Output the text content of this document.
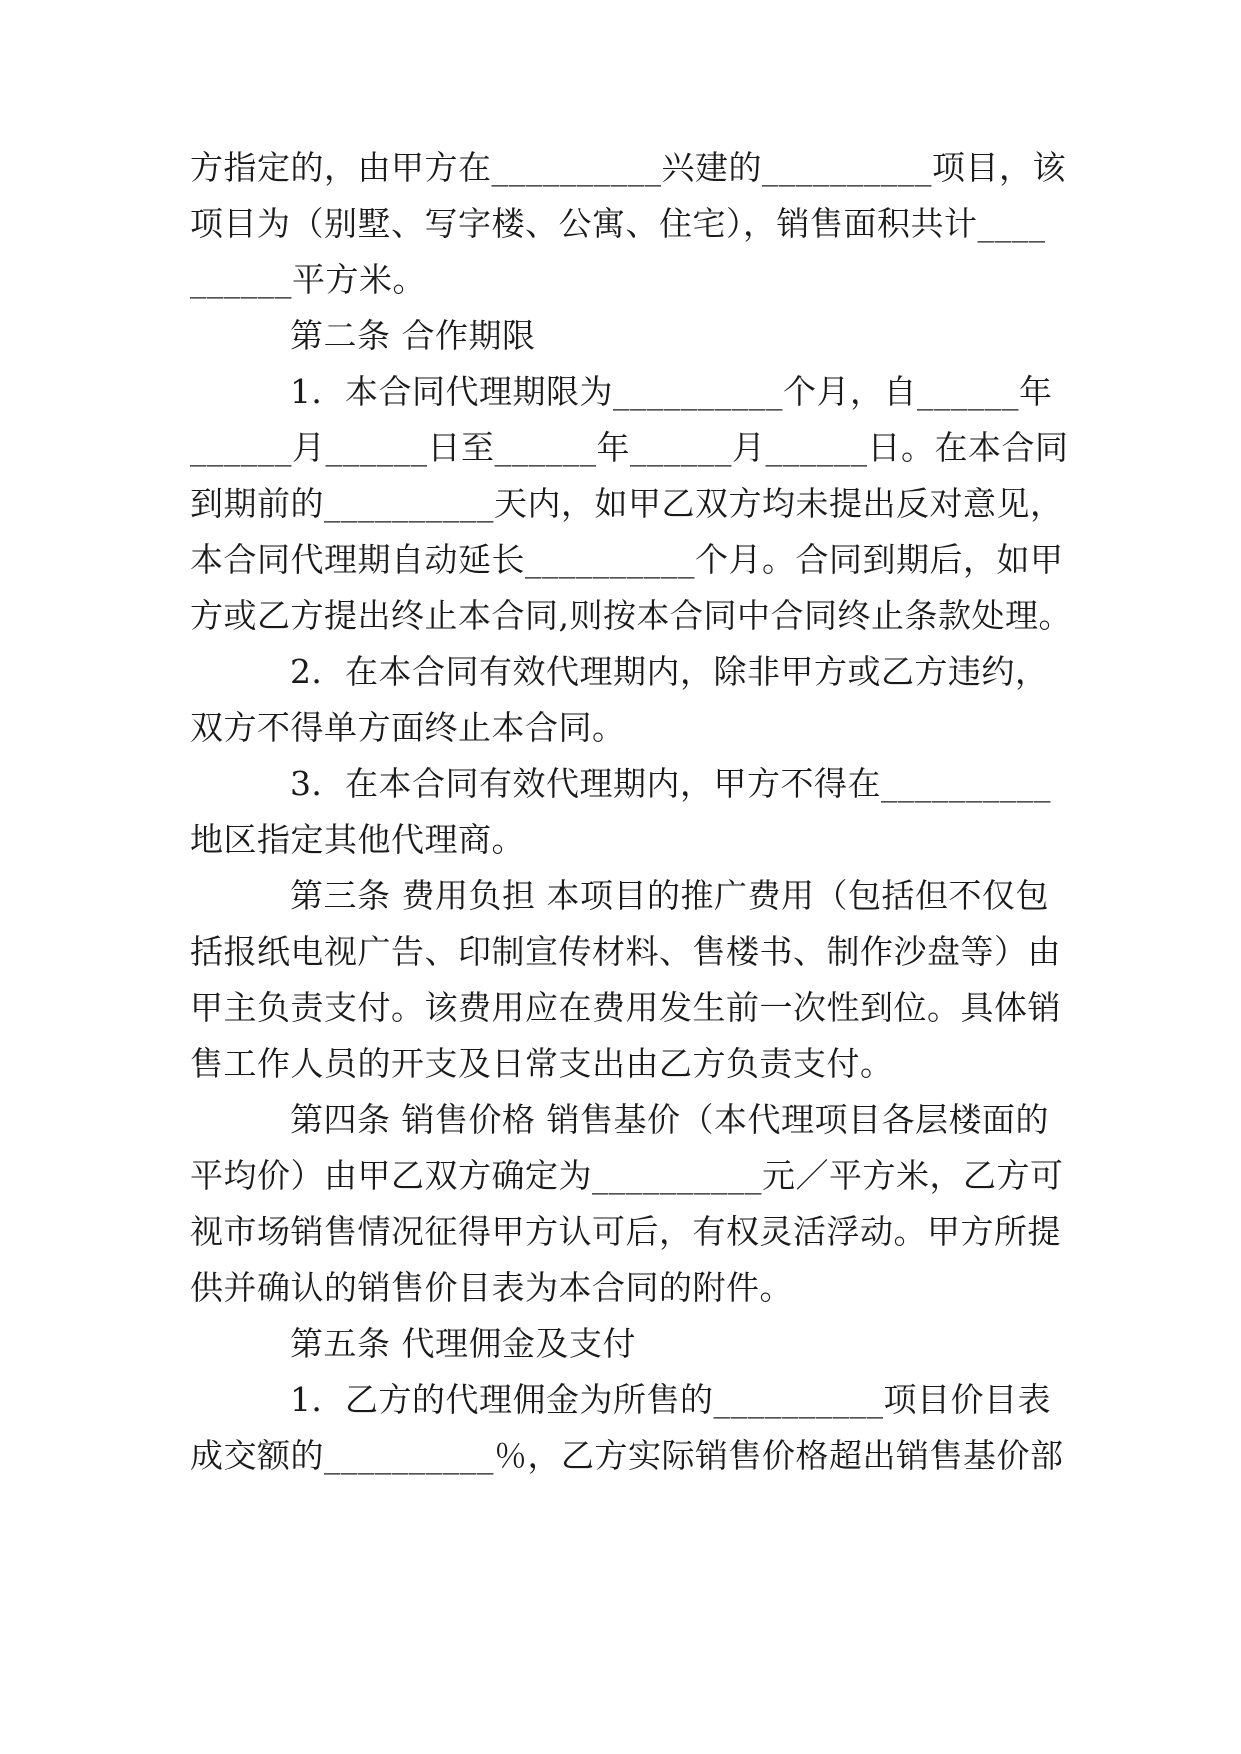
方指定的，由甲方在__________兴建的__________项目，该
项目为（别墅、写字楼、公寓、住宅），销售面积共计____
______平方米。
第二条 合作期限
1．本合同代理期限为__________个月，自______年
______月______日至______年______月______日。在本合同
到期前的__________天内，如甲乙双方均未提出反对意见，
本合同代理期自动延长__________个月。合同到期后，如甲
方或乙方提出终止本合同,则按本合同中合同终止条款处理。
2．在本合同有效代理期内，除非甲方或乙方违约，
双方不得单方面终止本合同。
3．在本合同有效代理期内，甲方不得在__________
地区指定其他代理商。
第三条 费用负担 本项目的推广费用（包括但不仅包
括报纸电视广告、印制宣传材料、售楼书、制作沙盘等）由
甲主负责支付。该费用应在费用发生前一次性到位。具体销
售工作人员的开支及日常支出由乙方负责支付。
第四条 销售价格 销售基价（本代理项目各层楼面的
平均价）由甲乙双方确定为__________元／平方米，乙方可
视市场销售情况征得甲方认可后，有权灵活浮动。甲方所提
供并确认的销售价目表为本合同的附件。
第五条 代理佣金及支付
1．乙方的代理佣金为所售的__________项目价目表
成交额的__________％，乙方实际销售价格超出销售基价部
